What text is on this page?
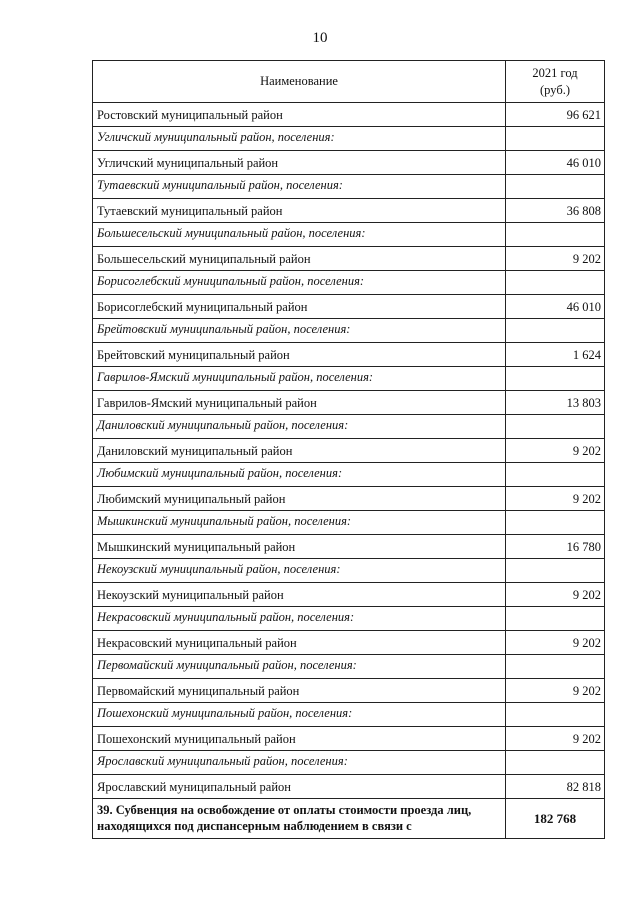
10
Наименование	2021 год
(руб.)

Ростовский муниципальный район	96 621
Угличский муниципальный район, поселения:	
Угличский муниципальный район	46 010
Тутаевский муниципальный район, поселения:	
Тутаевский муниципальный район	36 808
Большесельский муниципальный район, поселения:	
Большесельский муниципальный район	9 202
Борисоглебский муниципальный район, поселения:	
Борисоглебский муниципальный район	46 010
Брейтовский муниципальный район, поселения:	
Брейтовский муниципальный район	1 624
Гаврилов-Ямский муниципальный район, поселения:	
Гаврилов-Ямский муниципальный район	13 803
Даниловский муниципальный район, поселения:	
Даниловский муниципальный район	9 202
Любимский муниципальный район, поселения:	
Любимский муниципальный район	9 202
Мышкинский муниципальный район, поселения:	
Мышкинский муниципальный район	16 780
Некоузский муниципальный район, поселения:	
Некоузский муниципальный район	9 202
Некрасовский муниципальный район, поселения:	
Некрасовский муниципальный район	9 202
Первомайский муниципальный район, поселения:	
Первомайский муниципальный район	9 202
Пошехонский муниципальный район, поселения:	
Пошехонский муниципальный район	9 202
Ярославский муниципальный район, поселения:	
Ярославский муниципальный район	82 818

39. Субвенция на освобождение от оплаты стоимости проезда лиц,
находящихся под диспансерным наблюдением в связи с	182 768
